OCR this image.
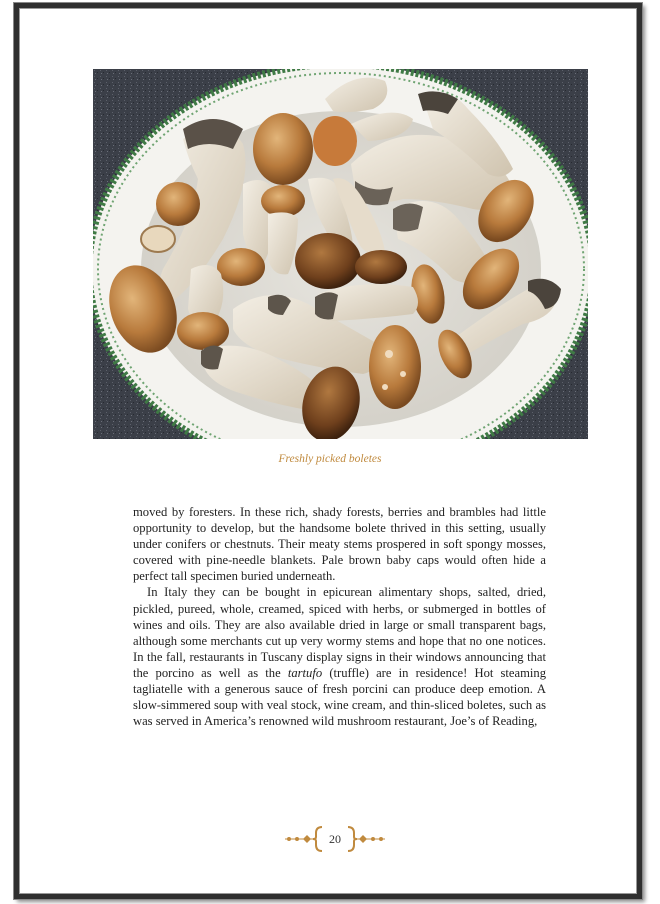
Freshly picked boletes

moved by foresters. In these rich, shady forests, berries and brambles had little opportunity to develop, but the handsome bolete thrived in this setting, usually under conifers or chestnuts. Their meaty stems prospered in soft spongy mosses, covered with pine-needle blankets. Pale brown baby caps would often hide a perfect tall specimen buried underneath.

In Italy they can be bought in epicurean alimentary shops, salted, dried, pickled, pureed, whole, creamed, spiced with herbs, or submerged in bottles of wines and oils. They are also available dried in large or small transparent bags, although some merchants cut up very wormy stems and hope that no one notices. In the fall, restaurants in Tuscany display signs in their windows announcing that the porcino as well as the tartufo (truffle) are in residence! Hot steaming tagliatelle with a generous sauce of fresh porcini can produce deep emotion. A slow-simmered soup with veal stock, wine cream, and thin-sliced boletes, such as was served in America’s renowned wild mushroom restaurant, Joe’s of Reading,

20
